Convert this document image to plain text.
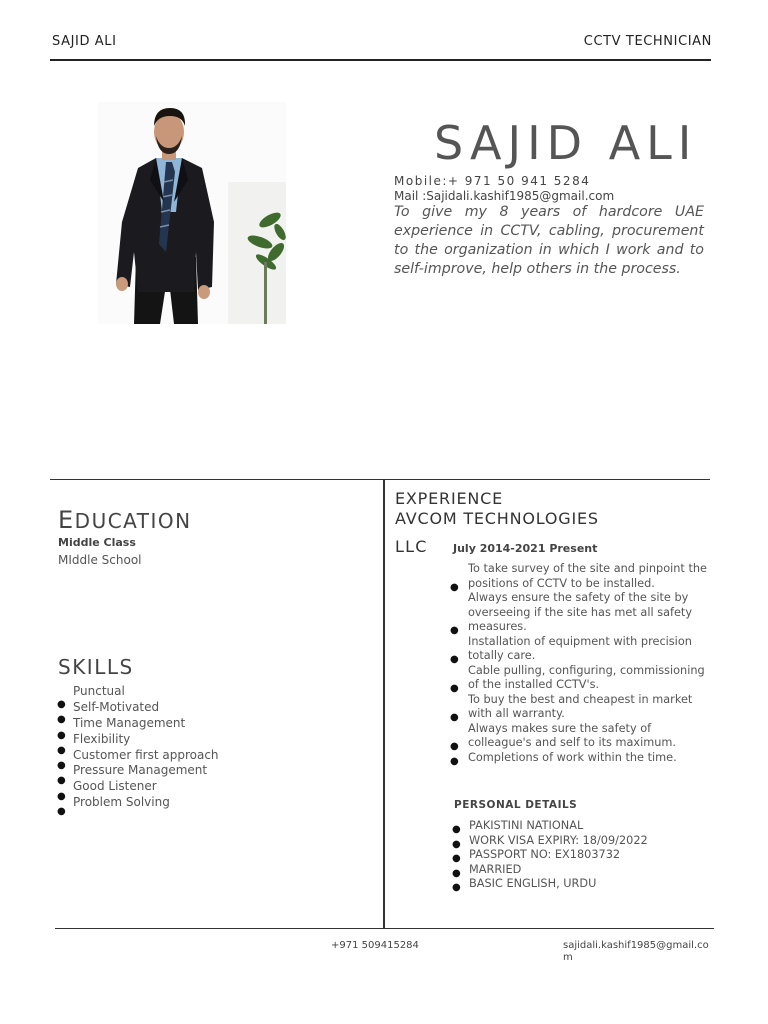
SAJID ALI	CCTV TECHNICIAN
SAJID ALI
Mobile:+ 971 50 941 5284
Mail :Sajidali.kashif1985@gmail.com

To give my 8 years of hardcore UAE experience in CCTV, cabling, procurement to the organization in which I work and to self-improve, help others in the process.

EDUCATION
Middle Class
MIddle School
SKILLS
Punctual
Self-Motivated
Time Management
Flexibility
Customer first approach
Pressure Management
Good Listener
Problem Solving
●
●
●
●
●
●
●
●
EXPERIENCE
AVCOM TECHNOLOGIES
LLC July 2014-2021 Present
●
To take survey of the site and pinpoint the positions of CCTV to be installed.
●
Always ensure the safety of the site by overseeing if the site has met all safety measures.
●
Installation of equipment with precision totally care.
●
Cable pulling, configuring, commissioning of the installed CCTV's.
●
To buy the best and cheapest in market with all warranty.
●
Always makes sure the safety of colleague's and self to its maximum.
● Completions of work within the time.
PERSONAL DETAILS
● PAKISTINI NATIONAL
● WORK VISA EXPIRY: 18/09/2022
● PASSPORT NO: EX1803732
● MARRIED
● BASIC ENGLISH, URDU
+971 509415284	sajidali.kashif1985@gmail.com
